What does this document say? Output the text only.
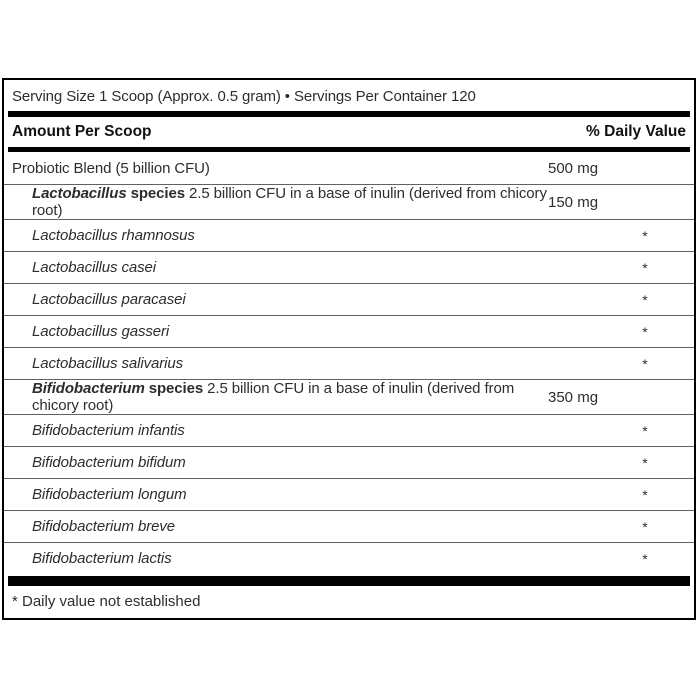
Serving Size 1 Scoop (Approx. 0.5 gram) • Servings Per Container 120
Amount Per Scoop	% Daily Value
Probiotic Blend (5 billion CFU)	500 mg
Lactobacillus species 2.5 billion CFU in a base of inulin (derived from chicory root)	150 mg
Lactobacillus rhamnosus	*
Lactobacillus casei	*
Lactobacillus paracasei	*
Lactobacillus gasseri	*
Lactobacillus salivarius	*
Bifidobacterium species 2.5 billion CFU in a base of inulin (derived from chicory root)	350 mg
Bifidobacterium infantis	*
Bifidobacterium bifidum	*
Bifidobacterium longum	*
Bifidobacterium breve	*
Bifidobacterium lactis	*
* Daily value not established
